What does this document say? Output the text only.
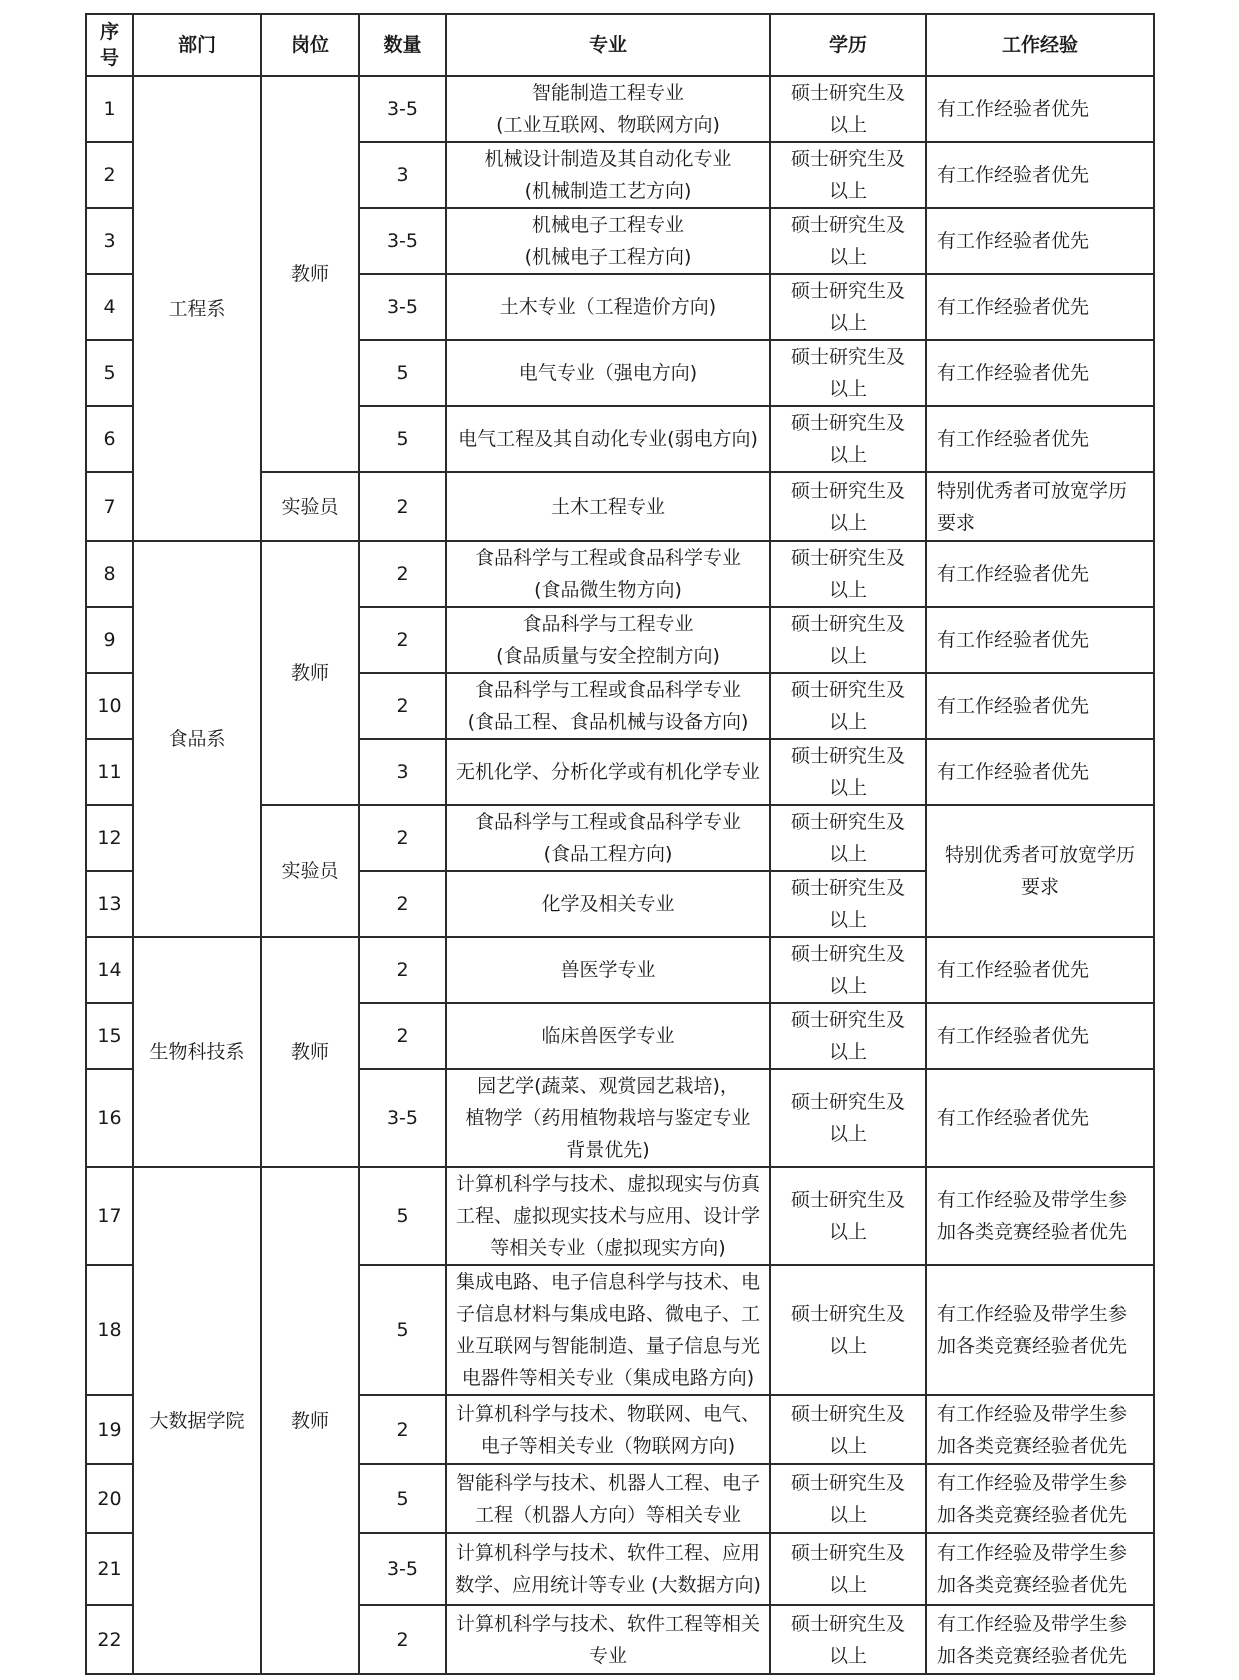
序
号	部门	岗位	数量	专业	学历	工作经验
1	工程系	教师	3-5	智能制造工程专业
(工业互联网、物联网方向)	硕士研究生及
以上	有工作经验者优先

2			3	机械设计制造及其自动化专业
(机械制造工艺方向)	硕士研究生及
以上	有工作经验者优先

3			3-5	机械电子工程专业
(机械电子工程方向)	硕士研究生及
以上	有工作经验者优先

4			3-5	土木专业（工程造价方向)	硕士研究生及
以上	有工作经验者优先

5			5	电气专业（强电方向)	硕士研究生及
以上	有工作经验者优先

6			5	电气工程及其自动化专业(弱电方向)	硕士研究生及
以上	有工作经验者优先

7		实验员	2	土木工程专业	硕士研究生及
以上	特别优秀者可放宽学历
要求

8	食品系	教师	2	食品科学与工程或食品科学专业
(食品微生物方向)	硕士研究生及
以上	有工作经验者优先

9			2	食品科学与工程专业
(食品质量与安全控制方向)	硕士研究生及
以上	有工作经验者优先

10			2	食品科学与工程或食品科学专业
(食品工程、食品机械与设备方向)	硕士研究生及
以上	有工作经验者优先

11			3	无机化学、分析化学或有机化学专业	硕士研究生及
以上	有工作经验者优先

12		实验员	2	食品科学与工程或食品科学专业
(食品工程方向)	硕士研究生及
以上	特别优秀者可放宽学历
要求

13			2	化学及相关专业	硕士研究生及
以上	

14	生物科技系	教师	2	兽医学专业	硕士研究生及
以上	有工作经验者优先

15			2	临床兽医学专业	硕士研究生及
以上	有工作经验者优先

16			3-5	园艺学(蔬菜、观赏园艺栽培)，
植物学（药用植物栽培与鉴定专业
背景优先)	硕士研究生及
以上	有工作经验者优先

17	大数据学院	教师	5	计算机科学与技术、虚拟现实与仿真
工程、虚拟现实技术与应用、设计学
等相关专业（虚拟现实方向)	硕士研究生及
以上	有工作经验及带学生参
加各类竞赛经验者优先

18			5	集成电路、电子信息科学与技术、电
子信息材料与集成电路、微电子、工
业互联网与智能制造、量子信息与光
电器件等相关专业（集成电路方向)	硕士研究生及
以上	有工作经验及带学生参
加各类竞赛经验者优先

19			2	计算机科学与技术、物联网、电气、
电子等相关专业（物联网方向)	硕士研究生及
以上	有工作经验及带学生参
加各类竞赛经验者优先

20			5	智能科学与技术、机器人工程、电子
工程（机器人方向）等相关专业	硕士研究生及
以上	有工作经验及带学生参
加各类竞赛经验者优先

21			3-5	计算机科学与技术、软件工程、应用
数学、应用统计等专业 (大数据方向)	硕士研究生及
以上	有工作经验及带学生参
加各类竞赛经验者优先

22			2	计算机科学与技术、软件工程等相关
专业	硕士研究生及
以上	有工作经验及带学生参
加各类竞赛经验者优先
